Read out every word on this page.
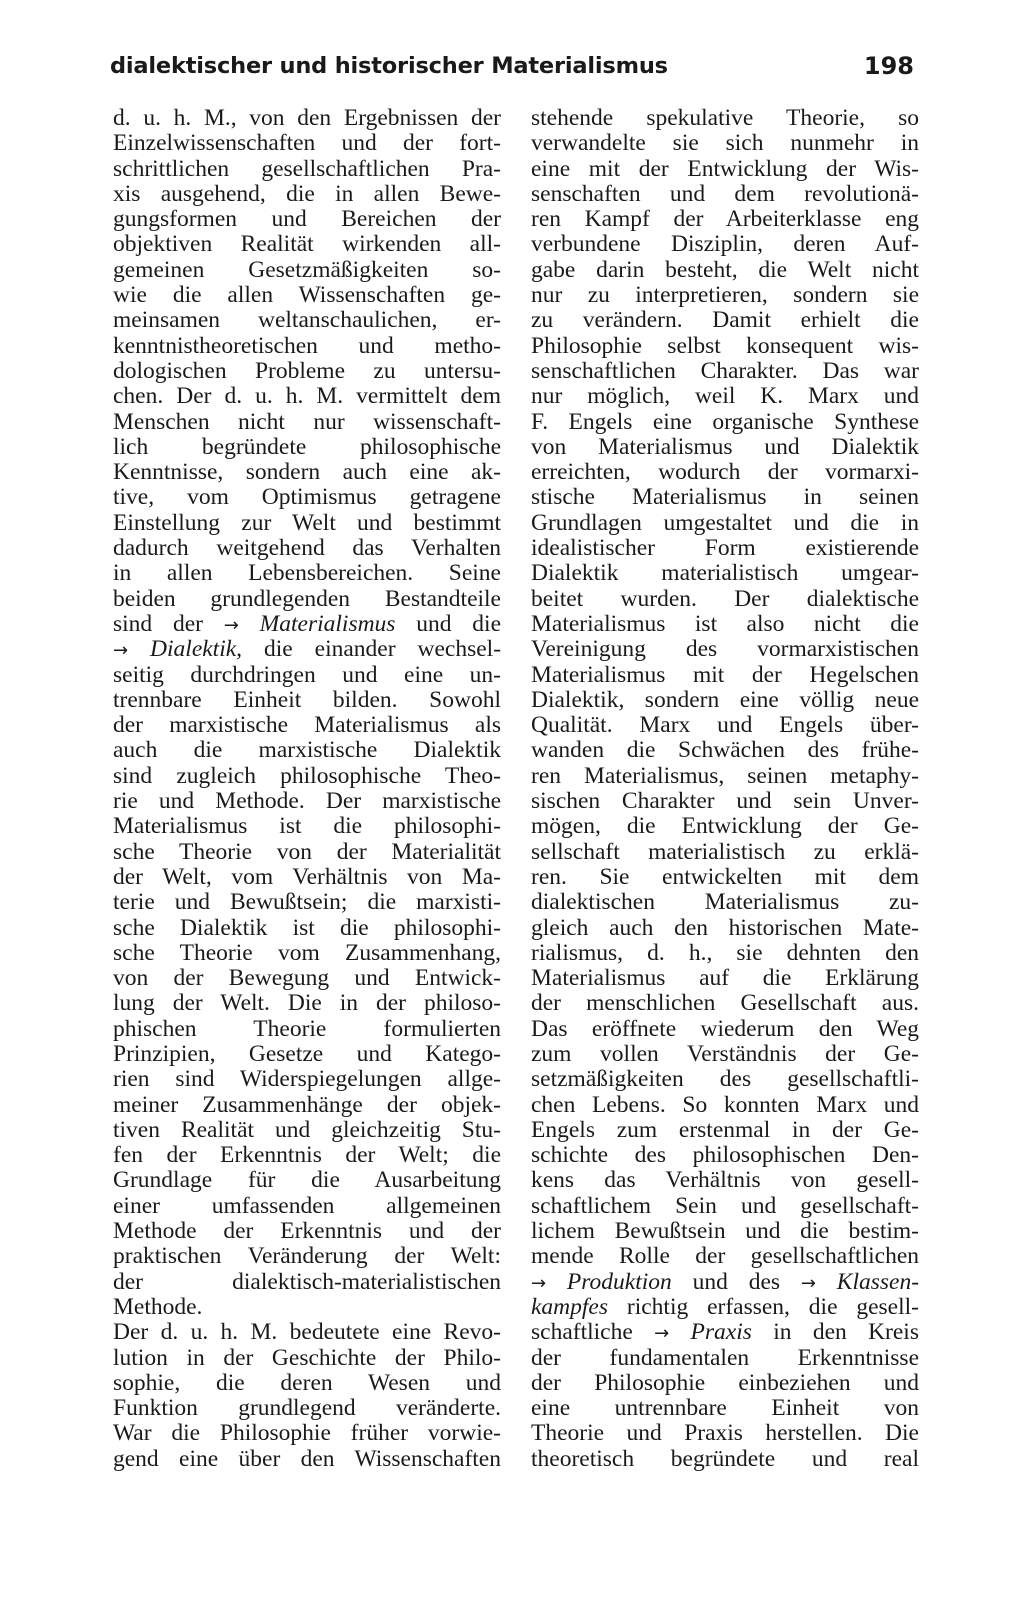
dialektischer und historischer Materialismus	198
d. u. h. M., von den Ergebnissen der
Einzelwissenschaften und der fort-
schrittlichen gesellschaftlichen Pra-
xis ausgehend, die in allen Bewe-
gungsformen und Bereichen der
objektiven Realität wirkenden all-
gemeinen Gesetzmäßigkeiten so-
wie die allen Wissenschaften ge-
meinsamen weltanschaulichen, er-
kenntnistheoretischen und metho-
dologischen Probleme zu untersu-
chen. Der d. u. h. M. vermittelt dem
Menschen nicht nur wissenschaft-
lich begründete philosophische
Kenntnisse, sondern auch eine ak-
tive, vom Optimismus getragene
Einstellung zur Welt und bestimmt
dadurch weitgehend das Verhalten
in allen Lebensbereichen. Seine
beiden grundlegenden Bestandteile
sind der → Materialismus und die
→ Dialektik, die einander wechsel-
seitig durchdringen und eine un-
trennbare Einheit bilden. Sowohl
der marxistische Materialismus als
auch die marxistische Dialektik
sind zugleich philosophische Theo-
rie und Methode. Der marxistische
Materialismus ist die philosophi-
sche Theorie von der Materialität
der Welt, vom Verhältnis von Ma-
terie und Bewußtsein; die marxisti-
sche Dialektik ist die philosophi-
sche Theorie vom Zusammenhang,
von der Bewegung und Entwick-
lung der Welt. Die in der philoso-
phischen Theorie formulierten
Prinzipien, Gesetze und Katego-
rien sind Widerspiegelungen allge-
meiner Zusammenhänge der objek-
tiven Realität und gleichzeitig Stu-
fen der Erkenntnis der Welt; die
Grundlage für die Ausarbeitung
einer umfassenden allgemeinen
Methode der Erkenntnis und der
praktischen Veränderung der Welt:
der dialektisch-materialistischen
Methode.
Der d. u. h. M. bedeutete eine Revo-
lution in der Geschichte der Philo-
sophie, die deren Wesen und
Funktion grundlegend veränderte.
War die Philosophie früher vorwie-
gend eine über den Wissenschaften
stehende spekulative Theorie, so
verwandelte sie sich nunmehr in
eine mit der Entwicklung der Wis-
senschaften und dem revolutionä-
ren Kampf der Arbeiterklasse eng
verbundene Disziplin, deren Auf-
gabe darin besteht, die Welt nicht
nur zu interpretieren, sondern sie
zu verändern. Damit erhielt die
Philosophie selbst konsequent wis-
senschaftlichen Charakter. Das war
nur möglich, weil K. Marx und
F. Engels eine organische Synthese
von Materialismus und Dialektik
erreichten, wodurch der vormarxi-
stische Materialismus in seinen
Grundlagen umgestaltet und die in
idealistischer Form existierende
Dialektik materialistisch umgear-
beitet wurden. Der dialektische
Materialismus ist also nicht die
Vereinigung des vormarxistischen
Materialismus mit der Hegelschen
Dialektik, sondern eine völlig neue
Qualität. Marx und Engels über-
wanden die Schwächen des frühe-
ren Materialismus, seinen metaphy-
sischen Charakter und sein Unver-
mögen, die Entwicklung der Ge-
sellschaft materialistisch zu erklä-
ren. Sie entwickelten mit dem
dialektischen Materialismus zu-
gleich auch den historischen Mate-
rialismus, d. h., sie dehnten den
Materialismus auf die Erklärung
der menschlichen Gesellschaft aus.
Das eröffnete wiederum den Weg
zum vollen Verständnis der Ge-
setzmäßigkeiten des gesellschaftli-
chen Lebens. So konnten Marx und
Engels zum erstenmal in der Ge-
schichte des philosophischen Den-
kens das Verhältnis von gesell-
schaftlichem Sein und gesellschaft-
lichem Bewußtsein und die bestim-
mende Rolle der gesellschaftlichen
→ Produktion und des → Klassen-
kampfes richtig erfassen, die gesell-
schaftliche → Praxis in den Kreis
der fundamentalen Erkenntnisse
der Philosophie einbeziehen und
eine untrennbare Einheit von
Theorie und Praxis herstellen. Die
theoretisch begründete und real
